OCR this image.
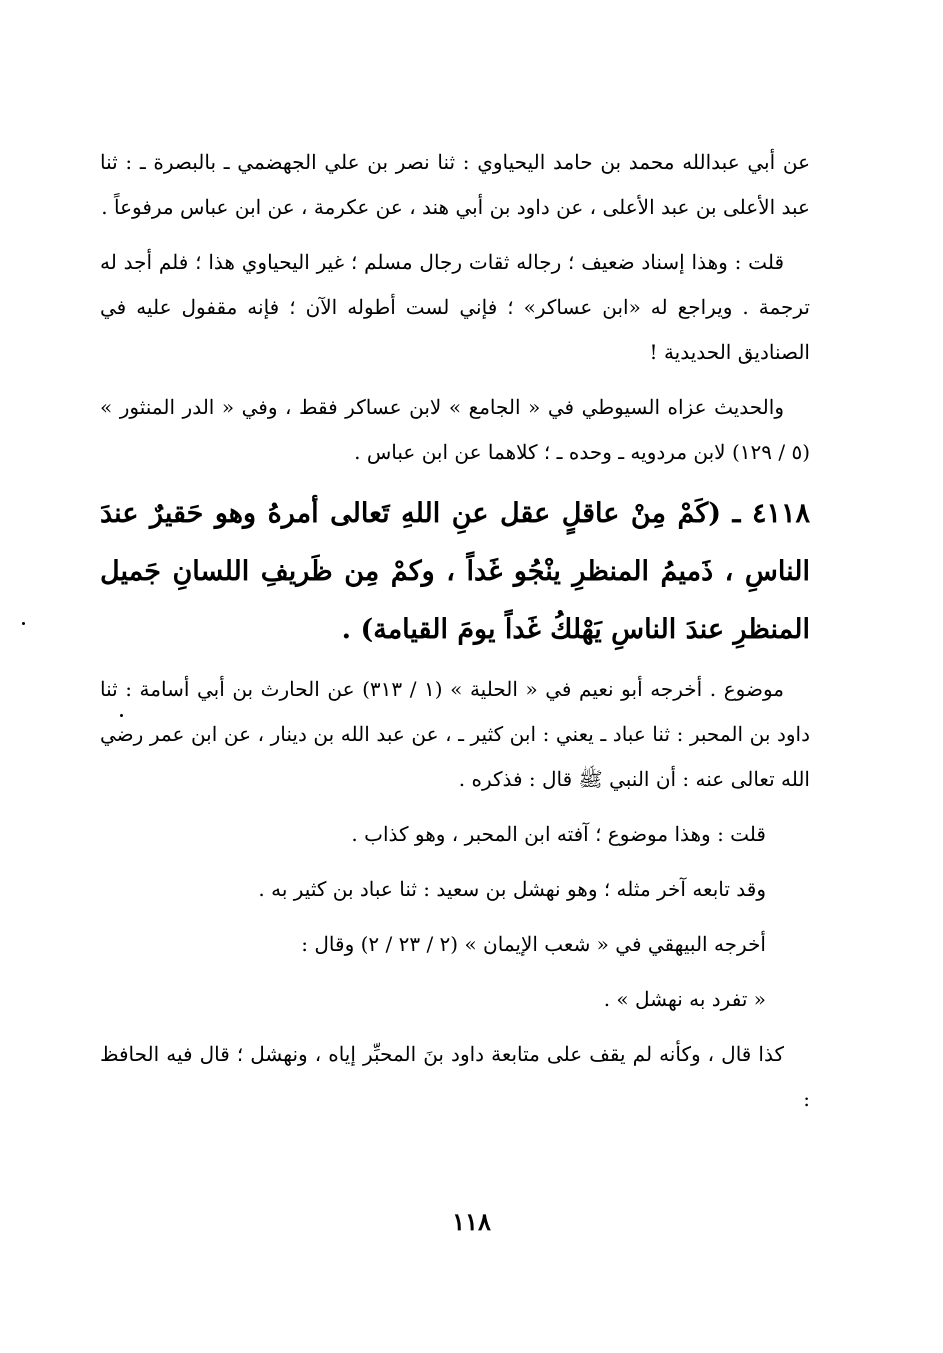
عن أبي عبدالله محمد بن حامد اليحياوي : ثنا نصر بن علي الجهضمي ـ بالبصرة ـ : ثنا عبد الأعلى بن عبد الأعلى ، عن داود بن أبي هند ، عن عكرمة ، عن ابن عباس مرفوعاً .

قلت : وهذا إسناد ضعيف ؛ رجاله ثقات رجال مسلم ؛ غير اليحياوي هذا ؛ فلم أجد له ترجمة . ويراجع له «ابن عساكر» ؛ فإني لست أطوله الآن ؛ فإنه مقفول عليه في الصناديق الحديدية !

والحديث عزاه السيوطي في « الجامع » لابن عساكر فقط ، وفي « الدر المنثور » (٥ / ١٢٩) لابن مردويه ـ وحده ـ ؛ كلاهما عن ابن عباس .

٤١١٨ ـ (كَمْ مِنْ عاقلٍ عقل عنِ اللهِ تَعالى أمرهُ وهو حَقيرٌ عندَ الناسِ ، ذَميمُ المنظرِ ينْجُو غَداً ، وكمْ مِن ظَريفِ اللسانِ جَميل المنظرِ عندَ الناسِ يَهْلكُ غَداً يومَ القيامة) .

موضوع . أخرجه أبو نعيم في « الحلية » (١ / ٣١٣) عن الحارث بن أبي أسامة : ثنا داود بن المحبر : ثنا عباد ـ يعني : ابن كثير ـ ، عن عبد الله بن دينار ، عن ابن عمر رضي الله تعالى عنه : أن النبي ﷺ قال : فذكره .

قلت : وهذا موضوع ؛ آفته ابن المحبر ، وهو كذاب .

وقد تابعه آخر مثله ؛ وهو نهشل بن سعيد : ثنا عباد بن كثير به .

أخرجه البيهقي في « شعب الإيمان » (٢ / ٢٣ / ٢) وقال :

« تفرد به نهشل » .

كذا قال ، وكأنه لم يقف على متابعة داود بنَ المحبِّر إياه ، ونهشل ؛ قال فيه الحافظ :

١١٨
